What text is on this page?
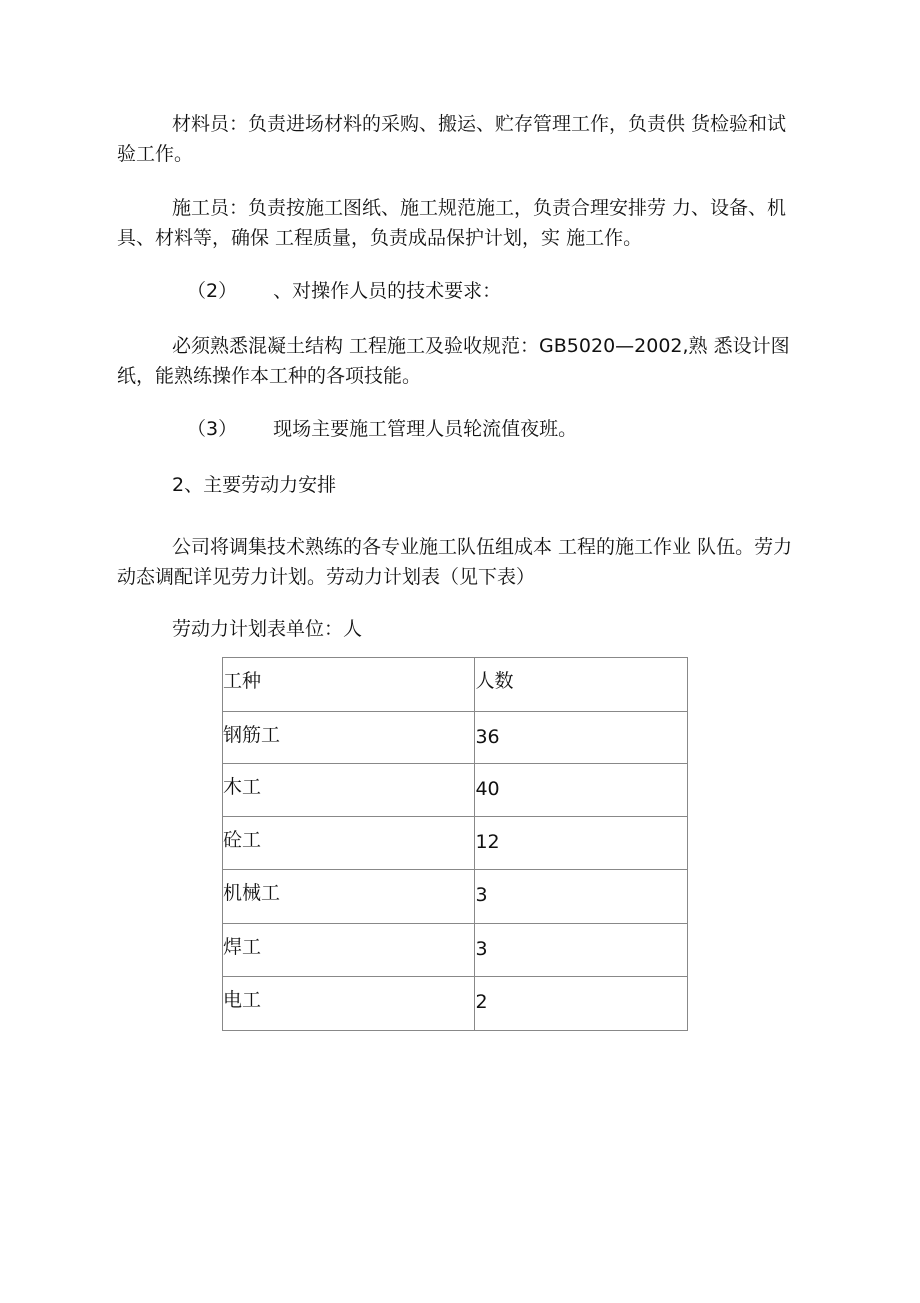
材料员：负责进场材料的采购、搬运、贮存管理工作，负责供 货检验和试验工作。

施工员：负责按施工图纸、施工规范施工，负责合理安排劳 力、设备、机具、材料等，确保 工程质量，负责成品保护计划，实 施工作。

（2） 、对操作人员的技术要求：

必须熟悉混凝土结构 工程施工及验收规范：GB5020—2002,熟 悉设计图纸，能熟练操作本工种的各项技能。

（3） 现场主要施工管理人员轮流值夜班。

2、主要劳动力安排

公司将调集技术熟练的各专业施工队伍组成本 工程的施工作业 队伍。劳力动态调配详见劳力计划。劳动力计划表（见下表）

劳动力计划表单位：人

工种	人数

钢筋工	36

木工	40

砼工	12

机械工	3

焊工	3

电工	2
